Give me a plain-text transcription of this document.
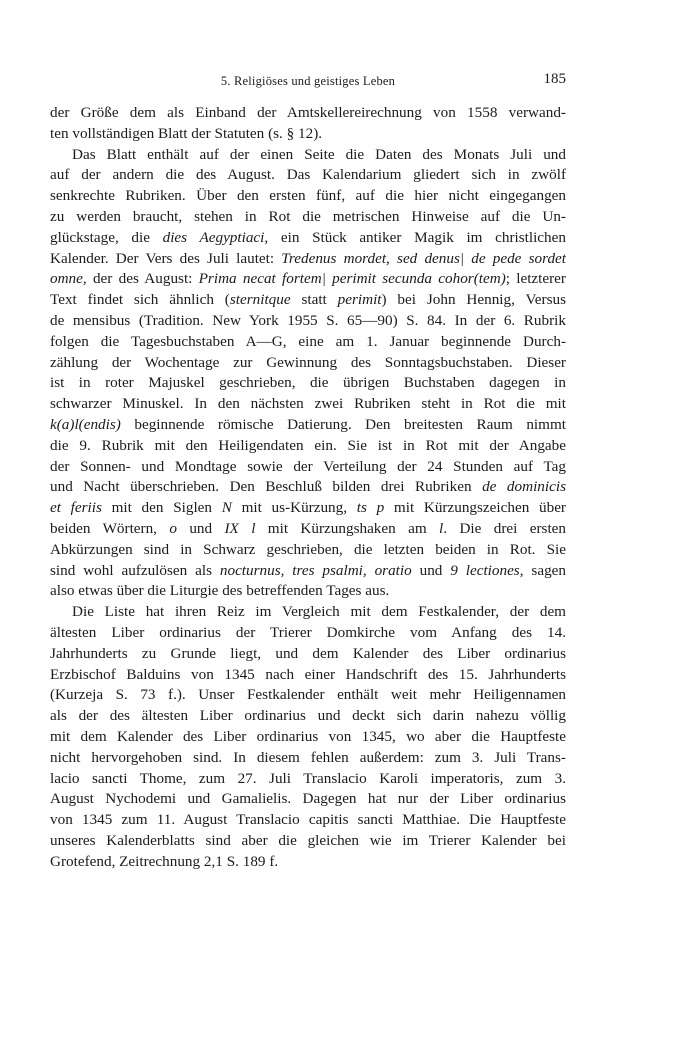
5. Religiöses und geistiges Leben	185
der Größe dem als Einband der Amtskellereirechnung von 1558 verwand-
ten vollständigen Blatt der Statuten (s. § 12).
Das Blatt enthält auf der einen Seite die Daten des Monats Juli und
auf der andern die des August. Das Kalendarium gliedert sich in zwölf
senkrechte Rubriken. Über den ersten fünf, auf die hier nicht eingegangen
zu werden braucht, stehen in Rot die metrischen Hinweise auf die Un-
glückstage, die dies Aegyptiaci, ein Stück antiker Magik im christlichen
Kalender. Der Vers des Juli lautet: Tredenus mordet, sed denus| de pede sordet
omne, der des August: Prima necat fortem| perimit secunda cohor(tem); letzterer
Text findet sich ähnlich (sternitque statt perimit) bei John Hennig, Versus
de mensibus (Tradition. New York 1955 S. 65—90) S. 84. In der 6. Rubrik
folgen die Tagesbuchstaben A—G, eine am 1. Januar beginnende Durch-
zählung der Wochentage zur Gewinnung des Sonntagsbuchstaben. Dieser
ist in roter Majuskel geschrieben, die übrigen Buchstaben dagegen in
schwarzer Minuskel. In den nächsten zwei Rubriken steht in Rot die mit
k(a)l(endis) beginnende römische Datierung. Den breitesten Raum nimmt
die 9. Rubrik mit den Heiligendaten ein. Sie ist in Rot mit der Angabe
der Sonnen- und Mondtage sowie der Verteilung der 24 Stunden auf Tag
und Nacht überschrieben. Den Beschluß bilden drei Rubriken de dominicis
et feriis mit den Siglen N mit us-Kürzung, ts p mit Kürzungszeichen über
beiden Wörtern, o und IX l mit Kürzungshaken am l. Die drei ersten
Abkürzungen sind in Schwarz geschrieben, die letzten beiden in Rot. Sie
sind wohl aufzulösen als nocturnus, tres psalmi, oratio und 9 lectiones, sagen
also etwas über die Liturgie des betreffenden Tages aus.
Die Liste hat ihren Reiz im Vergleich mit dem Festkalender, der dem
ältesten Liber ordinarius der Trierer Domkirche vom Anfang des 14.
Jahrhunderts zu Grunde liegt, und dem Kalender des Liber ordinarius
Erzbischof Balduins von 1345 nach einer Handschrift des 15. Jahrhunderts
(Kurzeja S. 73 f.). Unser Festkalender enthält weit mehr Heiligennamen
als der des ältesten Liber ordinarius und deckt sich darin nahezu völlig
mit dem Kalender des Liber ordinarius von 1345, wo aber die Hauptfeste
nicht hervorgehoben sind. In diesem fehlen außerdem: zum 3. Juli Trans-
lacio sancti Thome, zum 27. Juli Translacio Karoli imperatoris, zum 3.
August Nychodemi und Gamalielis. Dagegen hat nur der Liber ordinarius
von 1345 zum 11. August Translacio capitis sancti Matthiae. Die Hauptfeste
unseres Kalenderblatts sind aber die gleichen wie im Trierer Kalender bei
Grotefend, Zeitrechnung 2,1 S. 189 f.
